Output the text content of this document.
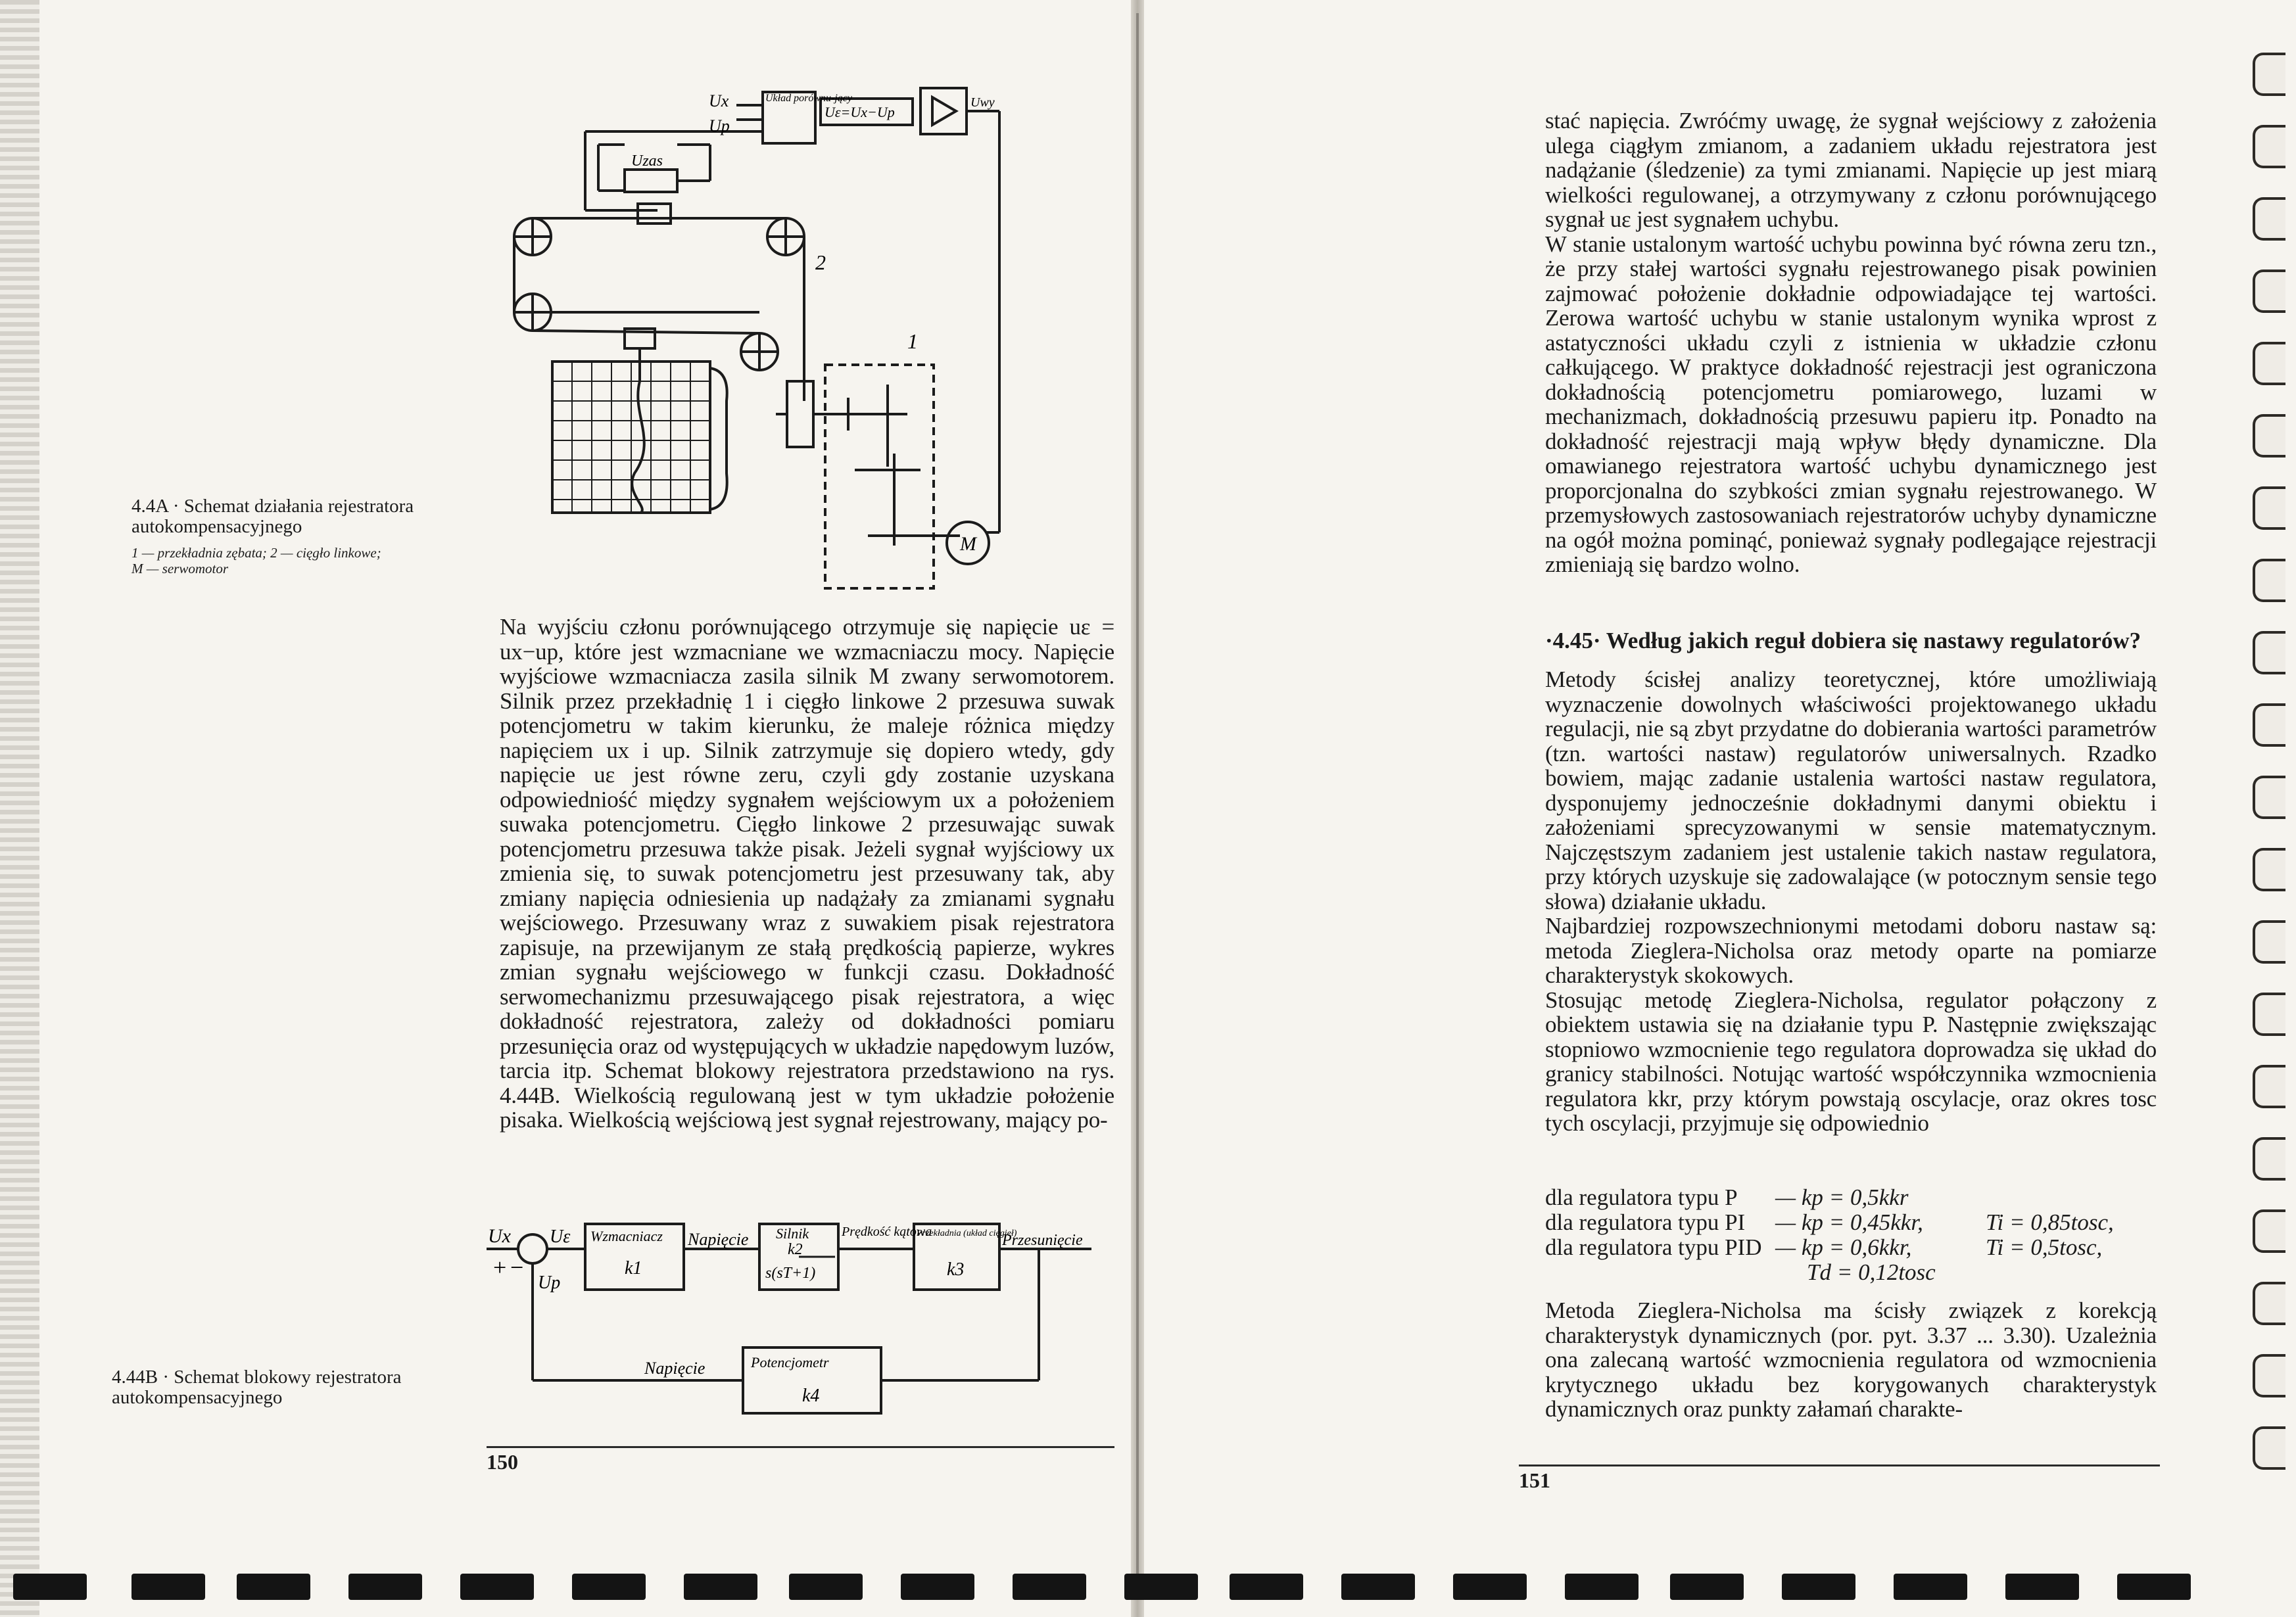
Ux
Up
Układ porównu-jący
Uε=Ux−Up
Uwy
Uzas
1
2
M
4.4A · Schemat działania rejestratora autokompensacyjnego
1 — przekładnia zębata; 2 — cięgło linkowe;
M — serwomotor

Na wyjściu członu porównującego otrzymuje się napięcie uε = ux−up, które jest wzmacniane we wzmacniaczu mocy. Napięcie wyjściowe wzmacniacza zasila silnik M zwany serwomotorem. Silnik przez przekładnię 1 i cięgło linkowe 2 przesuwa suwak potencjometru w takim kierunku, że maleje różnica między napięciem ux i up. Silnik zatrzymuje się dopiero wtedy, gdy napięcie uε jest równe zeru, czyli gdy zostanie uzyskana odpowiedniość między sygnałem wejściowym ux a położeniem suwaka potencjometru. Cięgło linkowe 2 przesuwając suwak potencjometru przesuwa także pisak. Jeżeli sygnał wyjściowy ux zmienia się, to suwak potencjometru jest przesuwany tak, aby zmiany napięcia odniesienia up nadążały za zmianami sygnału wejściowego. Przesuwany wraz z suwakiem pisak rejestratora zapisuje, na przewijanym ze stałą prędkością papierze, wykres zmian sygnału wejściowego w funkcji czasu. Dokładność serwomechanizmu przesuwającego pisak rejestratora, a więc dokładność rejestratora, zależy od dokładności pomiaru przesunięcia oraz od występujących w układzie napędowym luzów, tarcia itp. Schemat blokowy rejestratora przedstawiono na rys. 4.44B. Wielkością regulowaną jest w tym układzie położenie pisaka. Wielkością wejściową jest sygnał rejestrowany, mający po-

Ux Uε
Up
+ −
Wzmacniacz
k1
Napięcie Silnik
k2
s(sT+1)
Prędkość kątowa
Przekładnia (układ cięgieł)
k3
Przesunięcie
Napięcie	Potencjometr
k4
4.44B · Schemat blokowy rejestratora autokompensacyjnego
150

stać napięcia. Zwróćmy uwagę, że sygnał wejściowy z założenia ulega ciągłym zmianom, a zadaniem układu rejestratora jest nadążanie (śledzenie) za tymi zmianami. Napięcie up jest miarą wielkości regulowanej, a otrzymywany z członu porównującego sygnał uε jest sygnałem uchybu.

W stanie ustalonym wartość uchybu powinna być równa zeru tzn., że przy stałej wartości sygnału rejestrowanego pisak powinien zajmować położenie dokładnie odpowiadające tej wartości. Zerowa wartość uchybu w stanie ustalonym wynika wprost z astatyczności układu czyli z istnienia w układzie członu całkującego. W praktyce dokładność rejestracji jest ograniczona dokładnością potencjometru pomiarowego, luzami w mechanizmach, dokładnością przesuwu papieru itp. Ponadto na dokładność rejestracji mają wpływ błędy dynamiczne. Dla omawianego rejestratora wartość uchybu dynamicznego jest proporcjonalna do szybkości zmian sygnału rejestrowanego. W przemysłowych zastosowaniach rejestratorów uchyby dynamiczne na ogół można pominąć, ponieważ sygnały podlegające rejestracji zmieniają się bardzo wolno.

·4.45· Według jakich reguł dobiera się nastawy regulatorów?

Metody ścisłej analizy teoretycznej, które umożliwiają wyznaczenie dowolnych właściwości projektowanego układu regulacji, nie są zbyt przydatne do dobierania wartości parametrów (tzn. wartości nastaw) regulatorów uniwersalnych. Rzadko bowiem, mając zadanie ustalenia wartości nastaw regulatora, dysponujemy jednocześnie dokładnymi danymi obiektu i założeniami sprecyzowanymi w sensie matematycznym. Najczęstszym zadaniem jest ustalenie takich nastaw regulatora, przy których uzyskuje się zadowalające (w potocznym sensie tego słowa) działanie układu.

Najbardziej rozpowszechnionymi metodami doboru nastaw są: metoda Zieglera-Nicholsa oraz metody oparte na pomiarze charakterystyk skokowych.

Stosując metodę Zieglera-Nicholsa, regulator połączony z obiektem ustawia się na działanie typu P. Następnie zwiększając stopniowo wzmocnienie tego regulatora doprowadza się układ do granicy stabilności. Notując wartość współczynnika wzmocnienia regulatora kkr, przy którym powstają oscylacje, oraz okres tosc tych oscylacji, przyjmuje się odpowiednio

dla regulatora typu P — kp = 0,5kkr
dla regulatora typu PI — kp = 0,45kkr,	Ti = 0,85tosc,
dla regulatora typu PID — kp = 0,6kkr,	Ti = 0,5tosc,
Td = 0,12tosc

Metoda Zieglera-Nicholsa ma ścisły związek z korekcją charakterystyk dynamicznych (por. pyt. 3.37 ... 3.30). Uzależnia ona zalecaną wartość wzmocnienia regulatora od wzmocnienia krytycznego układu bez korygowanych charakterystyk dynamicznych oraz punkty załamań charakte-

151
